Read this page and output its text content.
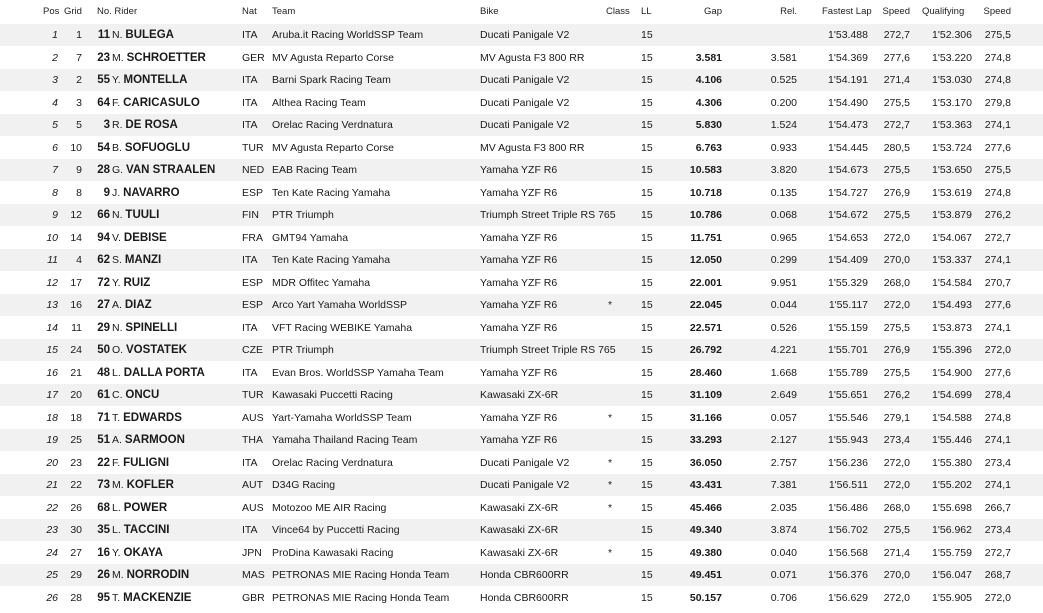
Pos Grid No. Rider	Nat Team	Bike	Class LL	Gap	Rel.	Fastest Lap	Speed Qualifying	Speed
1	1	11 N. BULEGA	ITA Aruba.it Racing WorldSSP Team	Ducati Panigale V2	15	1'53.488	272,7	1'52.306	275,5
2	7	23 M. SCHROETTER	GER MV Agusta Reparto Corse	MV Agusta F3 800 RR	15	3.581	3.581	1'54.369	277,6	1'53.220	274,8
3	2	55 Y. MONTELLA	ITA Barni Spark Racing Team	Ducati Panigale V2	15	4.106	0.525	1'54.191	271,4	1'53.030	274,8
4	3	64 F. CARICASULO	ITA Althea Racing Team	Ducati Panigale V2	15	4.306	0.200	1'54.490	275,5	1'53.170	279,8
5	5	3 R. DE ROSA	ITA Orelac Racing Verdnatura	Ducati Panigale V2	15	5.830	1.524	1'54.473	272,7	1'53.363	274,1
6	10	54 B. SOFUOGLU	TUR MV Agusta Reparto Corse	MV Agusta F3 800 RR	15	6.763	0.933	1'54.445	280,5	1'53.724	277,6
7	9	28 G. VAN STRAALEN	NED EAB Racing Team	Yamaha YZF R6	15	10.583	3.820	1'54.673	275,5	1'53.650	275,5
8	8	9 J. NAVARRO	ESP Ten Kate Racing Yamaha	Yamaha YZF R6	15	10.718	0.135	1'54.727	276,9	1'53.619	274,8
9	12	66 N. TUULI	FIN PTR Triumph	Triumph Street Triple RS 765 15	10.786	0.068	1'54.672	275,5	1'53.879	276,2
10	14	94 V. DEBISE	FRA GMT94 Yamaha	Yamaha YZF R6	15	11.751	0.965	1'54.653	272,0	1'54.067	272,7
11	4	62 S. MANZI	ITA Ten Kate Racing Yamaha	Yamaha YZF R6	15	12.050	0.299	1'54.409	270,0	1'53.337	274,1
12	17	72 Y. RUIZ	ESP MDR Offitec Yamaha	Yamaha YZF R6	15	22.001	9.951	1'55.329	268,0	1'54.584	270,7
13	16	27 A. DIAZ	ESP Arco Yart Yamaha WorldSSP	Yamaha YZF R6	*	15	22.045	0.044	1'55.117	272,0	1'54.493	277,6
14	11	29 N. SPINELLI	ITA VFT Racing WEBIKE Yamaha	Yamaha YZF R6	15	22.571	0.526	1'55.159	275,5	1'53.873	274,1
15	24	50 O. VOSTATEK	CZE PTR Triumph	Triumph Street Triple RS 765 15	26.792	4.221	1'55.701	276,9	1'55.396	272,0
16	21	48 L. DALLA PORTA	ITA Evan Bros. WorldSSP Yamaha Team	Yamaha YZF R6	15	28.460	1.668	1'55.789	275,5	1'54.900	277,6
17	20	61 C. ONCU	TUR Kawasaki Puccetti Racing	Kawasaki ZX-6R	15	31.109	2.649	1'55.651	276,2	1'54.699	278,4
18	18	71 T. EDWARDS	AUS Yart-Yamaha WorldSSP Team	Yamaha YZF R6	*	15	31.166	0.057	1'55.546	279,1	1'54.588	274,8
19	25	51 A. SARMOON	THA Yamaha Thailand Racing Team	Yamaha YZF R6	15	33.293	2.127	1'55.943	273,4	1'55.446	274,1
20	23	22 F. FULIGNI	ITA Orelac Racing Verdnatura	Ducati Panigale V2	*	15	36.050	2.757	1'56.236	272,0	1'55.380	273,4
21	22	73 M. KOFLER	AUT D34G Racing	Ducati Panigale V2	*	15	43.431	7.381	1'56.511	272,0	1'55.202	274,1
22	26	68 L. POWER	AUS Motozoo ME AIR Racing	Kawasaki ZX-6R	*	15	45.466	2.035	1'56.486	268,0	1'55.698	266,7
23	30	35 L. TACCINI	ITA Vince64 by Puccetti Racing	Kawasaki ZX-6R	15	49.340	3.874	1'56.702	275,5	1'56.962	273,4
24	27	16 Y. OKAYA	JPN ProDina Kawasaki Racing	Kawasaki ZX-6R	*	15	49.380	0.040	1'56.568	271,4	1'55.759	272,7
25	29	26 M. NORRODIN	MAS PETRONAS MIE Racing Honda Team	Honda CBR600RR	15	49.451	0.071	1'56.376	270,0	1'56.047	268,7
26	28	95 T. MACKENZIE	GBR PETRONAS MIE Racing Honda Team	Honda CBR600RR	15	50.157	0.706	1'56.629	272,0	1'55.905	272,0
